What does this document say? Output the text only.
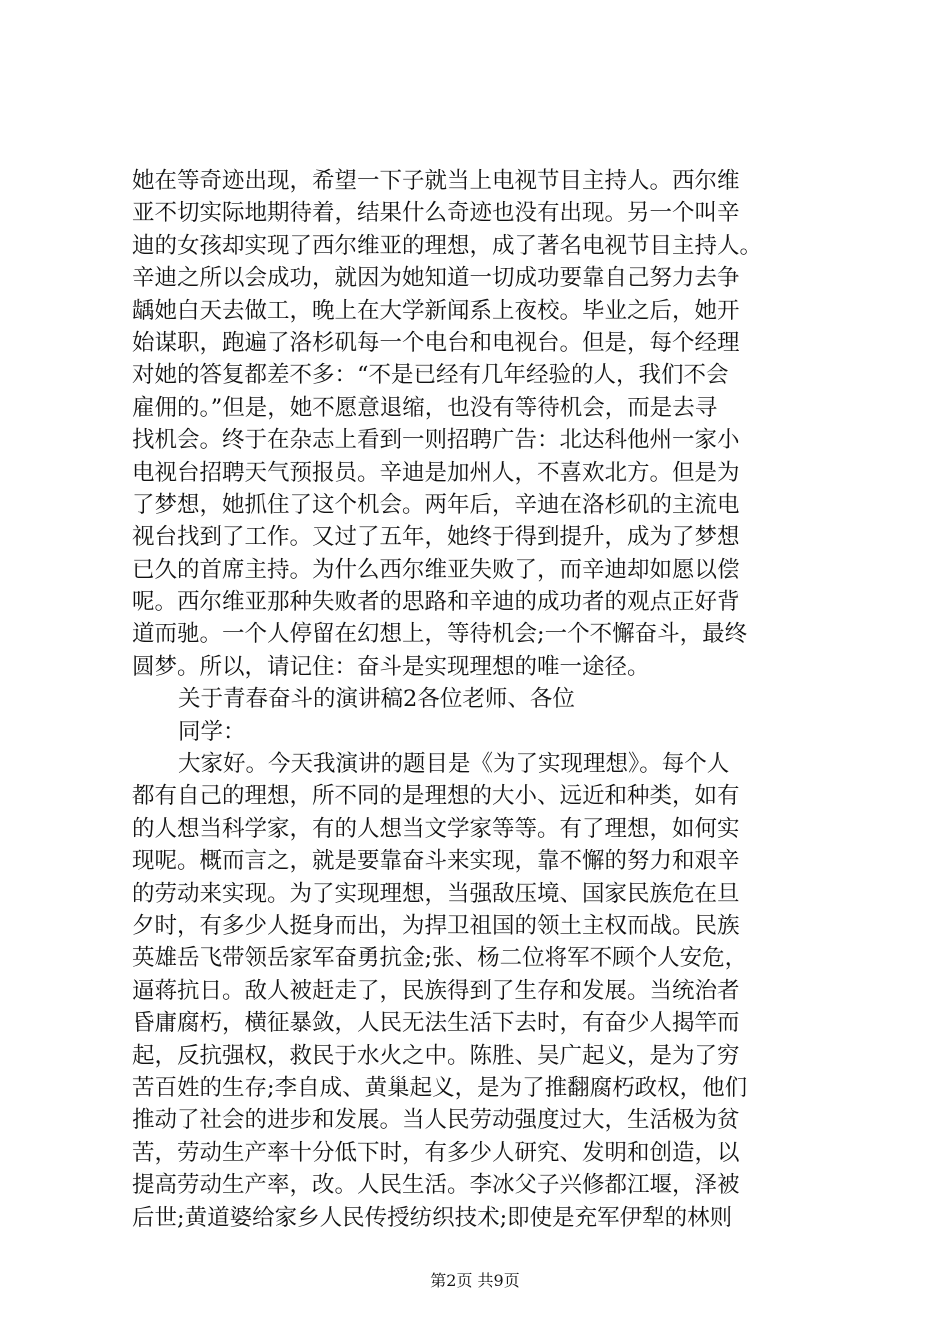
她在等奇迹出现，希望一下子就当上电视节目主持人。西尔维
亚不切实际地期待着，结果什么奇迹也没有出现。另一个叫辛
迪的女孩却实现了西尔维亚的理想，成了著名电视节目主持人。
辛迪之所以会成功，就因为她知道一切成功要靠自己努力去争
龋她白天去做工，晚上在大学新闻系上夜校。毕业之后，她开
始谋职，跑遍了洛杉矶每一个电台和电视台。但是，每个经理
对她的答复都差不多：“不是已经有几年经验的人，我们不会
雇佣的。”但是，她不愿意退缩，也没有等待机会，而是去寻
找机会。终于在杂志上看到一则招聘广告：北达科他州一家小
电视台招聘天气预报员。辛迪是加州人，不喜欢北方。但是为
了梦想，她抓住了这个机会。两年后，辛迪在洛杉矶的主流电
视台找到了工作。又过了五年，她终于得到提升，成为了梦想
已久的首席主持。为什么西尔维亚失败了，而辛迪却如愿以偿
呢。西尔维亚那种失败者的思路和辛迪的成功者的观点正好背
道而驰。一个人停留在幻想上，等待机会;一个不懈奋斗，最终
圆梦。所以，请记住：奋斗是实现理想的唯一途径。
关于青春奋斗的演讲稿2各位老师、各位
同学：
大家好。今天我演讲的题目是《为了实现理想》。每个人
都有自己的理想，所不同的是理想的大小、远近和种类，如有
的人想当科学家，有的人想当文学家等等。有了理想，如何实
现呢。概而言之，就是要靠奋斗来实现，靠不懈的努力和艰辛
的劳动来实现。为了实现理想，当强敌压境、国家民族危在旦
夕时，有多少人挺身而出，为捍卫祖国的领土主权而战。民族
英雄岳飞带领岳家军奋勇抗金;张、杨二位将军不顾个人安危，
逼蒋抗日。敌人被赶走了，民族得到了生存和发展。当统治者
昏庸腐朽，横征暴敛，人民无法生活下去时，有奋少人揭竿而
起，反抗强权，救民于水火之中。陈胜、吴广起义，是为了穷
苦百姓的生存;李自成、黄巢起义，是为了推翻腐朽政权，他们
推动了社会的进步和发展。当人民劳动强度过大，生活极为贫
苦，劳动生产率十分低下时，有多少人研究、发明和创造，以
提高劳动生产率，改。人民生活。李冰父子兴修都江堰，泽被
后世;黄道婆给家乡人民传授纺织技术;即使是充军伊犁的林则
第2页 共9页
